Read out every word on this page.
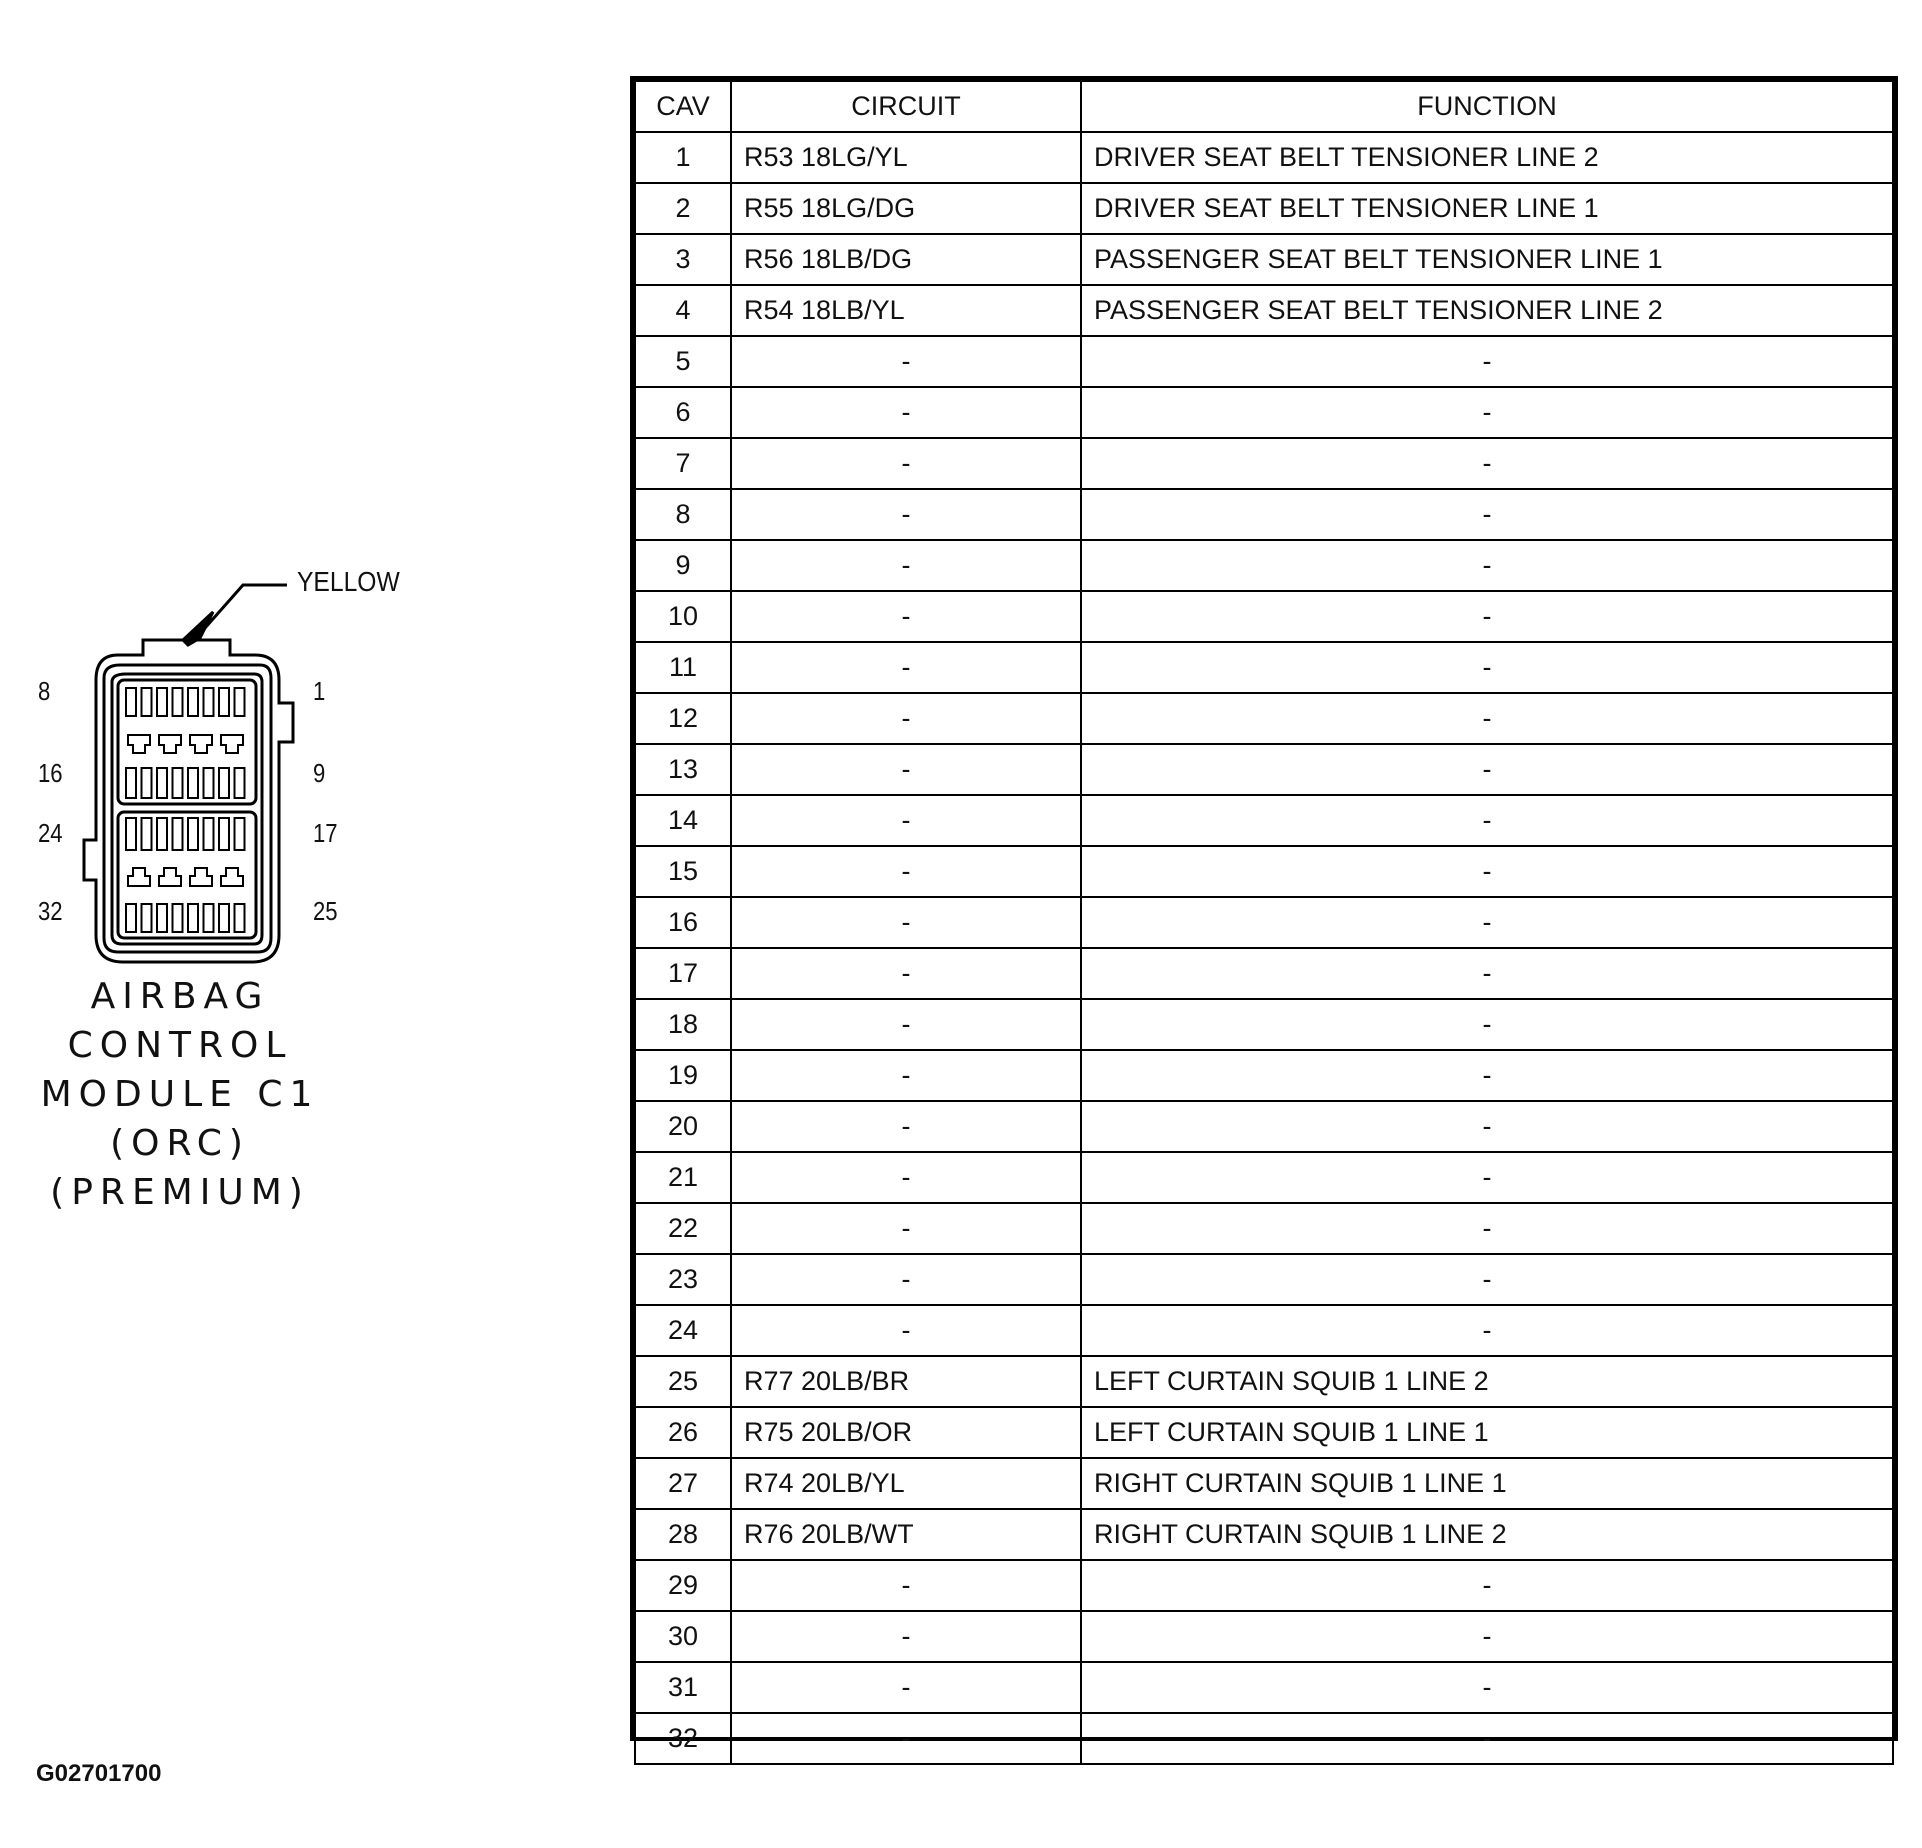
8
16
24
32
1
9
17
25
YELLOW
AIRBAG
CONTROL
MODULE C1
(ORC)
(PREMIUM)
G02701700
CAV	CIRCUIT	FUNCTION
1	R53 18LG/YL	DRIVER SEAT BELT TENSIONER LINE 2
2	R55 18LG/DG	DRIVER SEAT BELT TENSIONER LINE 1
3	R56 18LB/DG	PASSENGER SEAT BELT TENSIONER LINE 1
4	R54 18LB/YL	PASSENGER SEAT BELT TENSIONER LINE 2
5	-	-
6	-	-
7	-	-
8	-	-
9	-	-
10	-	-
11	-	-
12	-	-
13	-	-
14	-	-
15	-	-
16	-	-
17	-	-
18	-	-
19	-	-
20	-	-
21	-	-
22	-	-
23	-	-
24	-	-
25	R77 20LB/BR	LEFT CURTAIN SQUIB 1 LINE 2
26	R75 20LB/OR	LEFT CURTAIN SQUIB 1 LINE 1
27	R74 20LB/YL	RIGHT CURTAIN SQUIB 1 LINE 1
28	R76 20LB/WT	RIGHT CURTAIN SQUIB 1 LINE 2
29	-	-
30	-	-
31	-	-
32	-	-
